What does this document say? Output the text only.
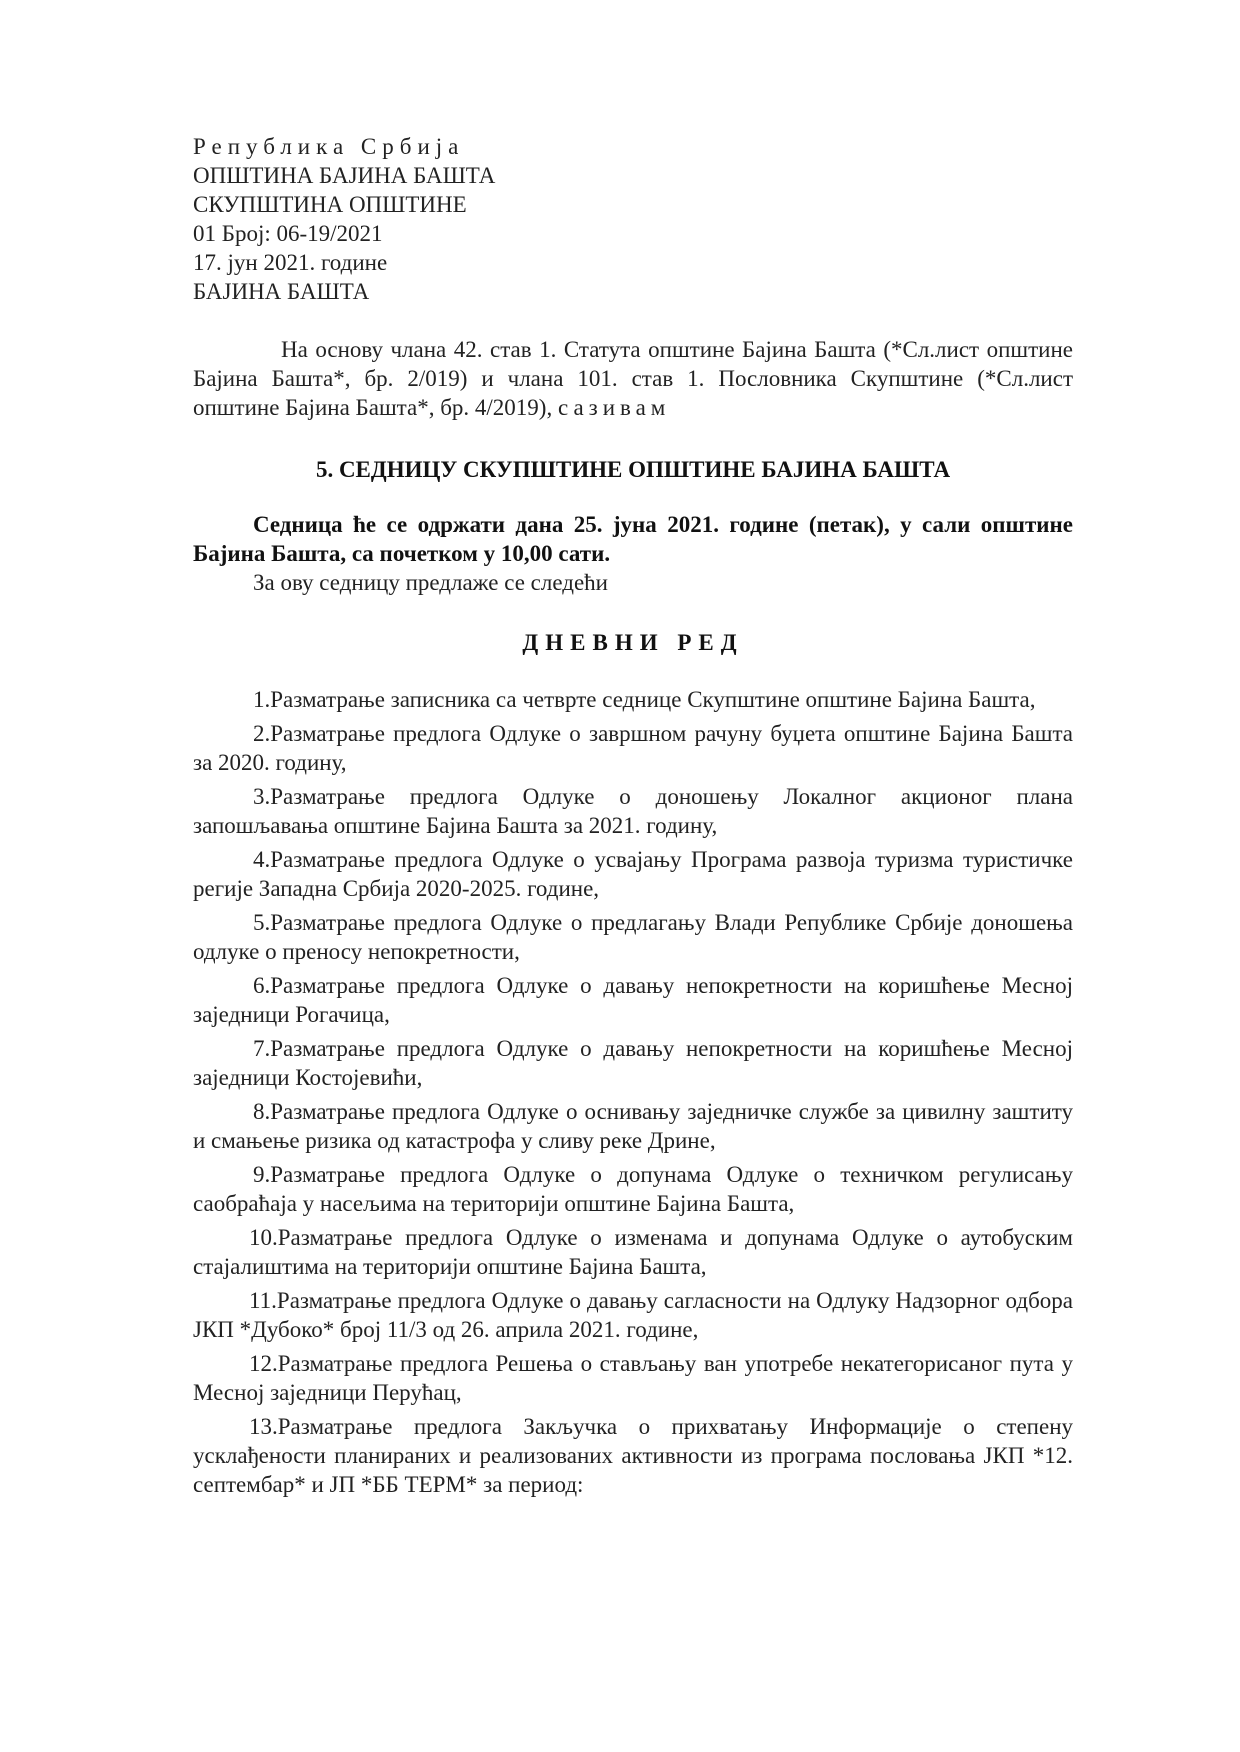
Република Србија
ОПШТИНА БАЈИНА БАШТА
СКУПШТИНА ОПШТИНЕ
01 Број: 06-19/2021
17. јун 2021. године
БАЈИНА БАШТА
На основу члана 42. став 1. Статута општине Бајина Башта (*Сл.лист општине Бајина Башта*, бр. 2/019) и члана 101. став 1. Пословника Скупштине (*Сл.лист општине Бајина Башта*, бр. 4/2019), сазивам
5. СЕДНИЦУ СКУПШТИНЕ ОПШТИНЕ БАЈИНА БАШТА
Седница ће се одржати дана 25. јуна 2021. године (петак), у сали општине Бајина Башта, са почетком у 10,00 сати.
За ову седницу предлаже се следећи
ДНЕВНИ РЕД

1.Разматрање записника са четврте седнице Скупштине општине Бајина Башта,

2.Разматрање предлога Одлуке о завршном рачуну буџета општине Бајина Башта за 2020. годину,

3.Разматрање предлога Одлуке о доношењу Локалног акционог плана запошљавања општине Бајина Башта за 2021. годину,

4.Разматрање предлога Одлуке о усвајању Програма развоја туризма туристичке регије Западна Србија 2020-2025. године,

5.Разматрање предлога Одлуке о предлагању Влади Републике Србије доношења одлуке о преносу непокретности,

6.Разматрање предлога Одлуке о давању непокретности на коришћење Месној заједници Рогачица,

7.Разматрање предлога Одлуке о давању непокретности на коришћење Месној заједници Костојевићи,

8.Разматрање предлога Одлуке о оснивању заједничке службе за цивилну заштиту и смањење ризика од катастрофа у сливу реке Дрине,

9.Разматрање предлога Одлуке о допунама Одлуке о техничком регулисању саобраћаја у насељима на територији општине Бајина Башта,

10.Разматрање предлога Одлуке о изменама и допунама Одлуке о аутобуским стајалиштима на територији општине Бајина Башта,

11.Разматрање предлога Одлуке о давању сагласности на Одлуку Надзорног одбора ЈКП *Дубоко* број 11/3 од 26. априла 2021. године,

12.Разматрање предлога Решења о стављању ван употребе некатегорисаног пута у Месној заједници Перућац,

13.Разматрање предлога Закључка о прихватању Информације о степену усклађености планираних и реализованих активности из програма пословања ЈКП *12. септембар* и ЈП *ББ ТЕРМ* за период:
